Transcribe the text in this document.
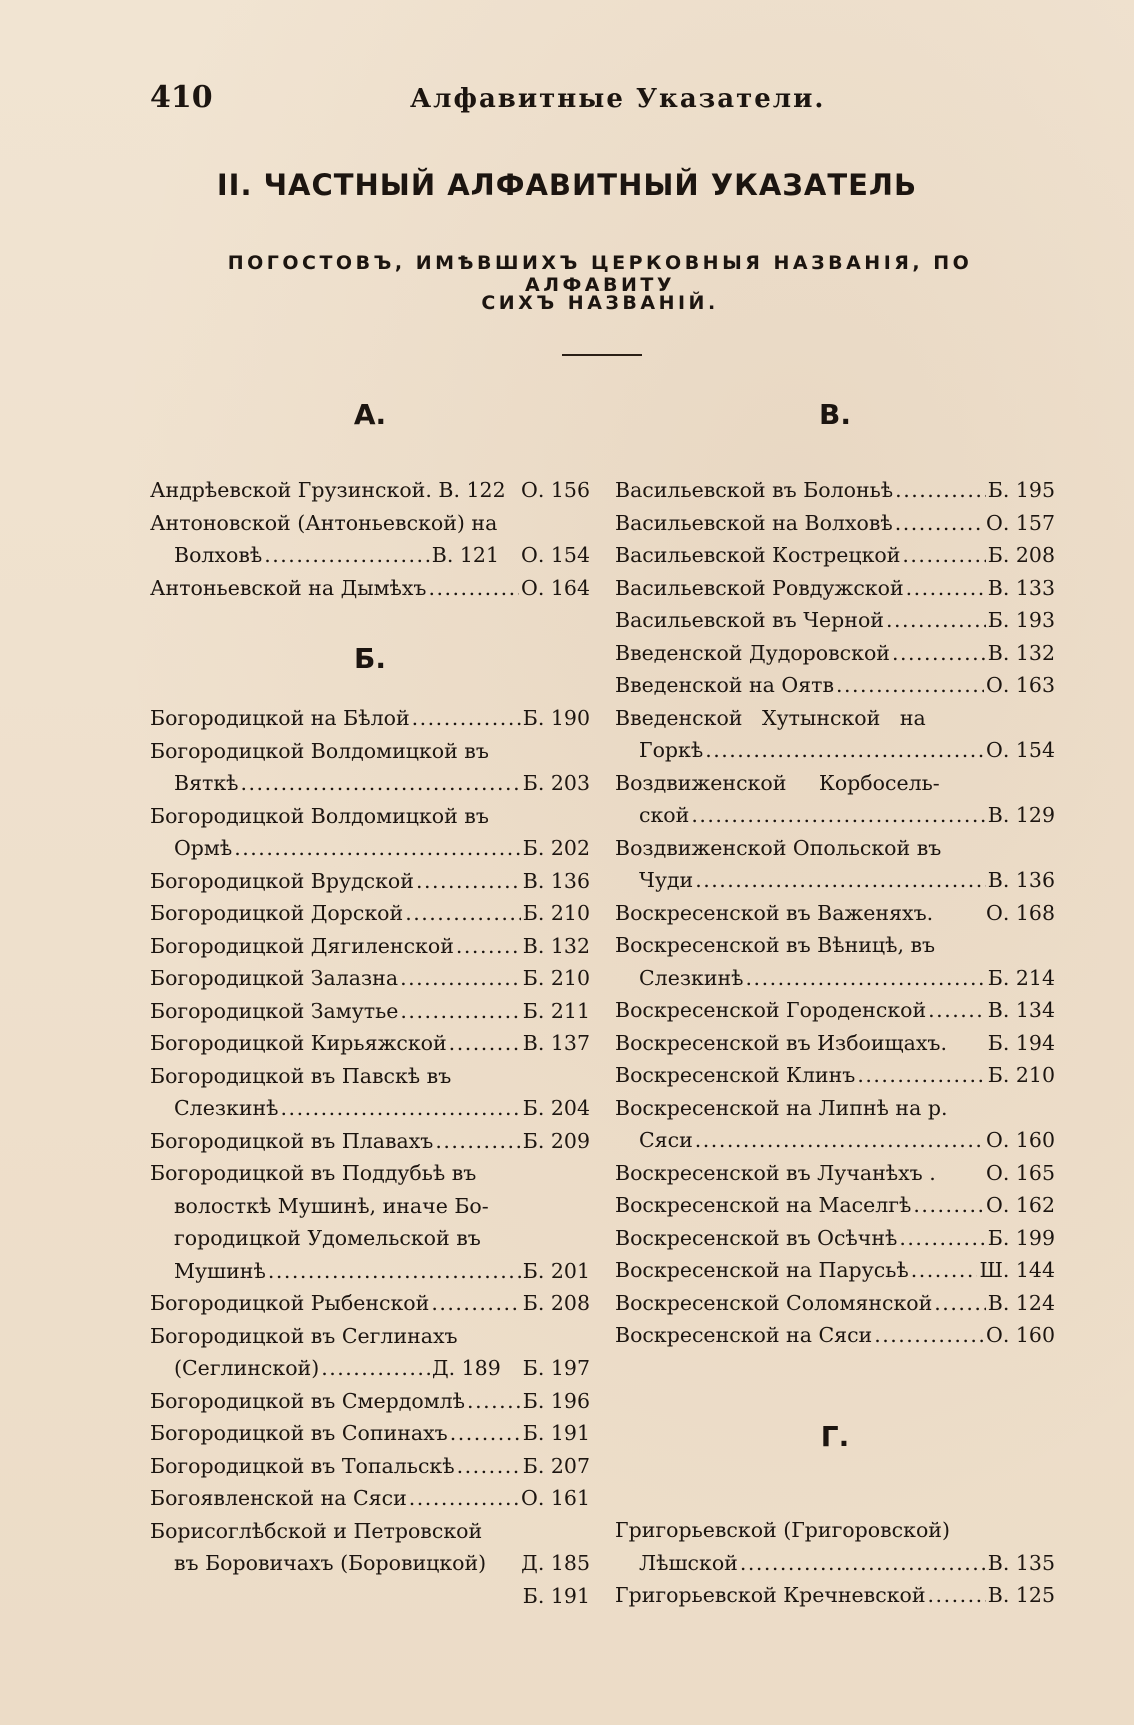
410	Алфавитные Указатели.
II. ЧАСТНЫЙ АЛФАВИТНЫЙ УКАЗАТЕЛЬ
ПОГОСТОВЪ, ИМѢВШИХЪ ЦЕРКОВНЫЯ НАЗВАНІЯ, ПО АЛФАВИТУ
СИХЪ НАЗВАНІЙ.
А.
Андрѣевской Грузинской. В. 122 О. 156
Антоновской (Антоньевской) на
Волховѣ .....	В. 121 О. 154
Антоньевской на Дымѣхъ .....	О. 164
Б.
Богородицкой на Бѣлой .....	Б. 190
Богородицкой Волдомицкой въ
Вяткѣ .....	Б. 203
Богородицкой Волдомицкой въ
Ормѣ .....	Б. 202
Богородицкой Врудской .....	В. 136
Богородицкой Дорской .....	Б. 210
Богородицкой Дягиленской .....	В. 132
Богородицкой Залазна .....	Б. 210
Богородицкой Замутье .....	Б. 211
Богородицкой Кирьяжской .....	В. 137
Богородицкой въ Павскѣ въ
Слезкинѣ .....	Б. 204
Богородицкой въ Плавахъ .....	Б. 209
Богородицкой въ Поддубьѣ въ
волосткѣ Мушинѣ, иначе Бо-
городицкой Удомельской въ
Мушинѣ .....	Б. 201
Богородицкой Рыбенской .....	Б. 208
Богородицкой въ Сеглинахъ
(Сеглинской) .....	Д. 189 Б. 197
Богородицкой въ Смердомлѣ .....	Б. 196
Богородицкой въ Сопинахъ .....	Б. 191
Богородицкой въ Топальскѣ .....	Б. 207
Богоявленской на Сяси .....	О. 161
Борисоглѣбской и Петровской
въ Боровичахъ (Боровицкой) Д. 185
Б. 191
В.
Васильевской въ Болоньѣ .....	Б. 195
Васильевской на Волховѣ .....	О. 157
Васильевской Кострецкой .....	Б. 208
Васильевской Ровдужской .....	В. 133
Васильевской въ Черной .....	Б. 193
Введенской Дудоровской .....	В. 132
Введенской на Оятв .....	О. 163
Введенской   Хутынской   на
Горкѣ .....	О. 154
Воздвиженской     Корбосель-
ской .....	В. 129
Воздвиженской Опольской въ
Чуди .....	В. 136
Воскресенской въ Важеняхъ.	О. 168
Воскресенской въ Вѣницѣ, въ
Слезкинѣ .....	Б. 214
Воскресенской Городенской .....	В. 134
Воскресенской въ Избоищахъ. Б. 194
Воскресенской Клинъ .....	Б. 210
Воскресенской на Липнѣ на р.
Сяси .....	О. 160
Воскресенской въ Лучанѣхъ . О. 165
Воскресенской на Маселгѣ .....	О. 162
Воскресенской въ Осѣчнѣ .....	Б. 199
Воскресенской на Парусьѣ .....	Ш. 144
Воскресенской Соломянской .....	В. 124
Воскресенской на Сяси .....	О. 160
Г.
Григорьевской (Григоровской)
Лѣшской .....	В. 135
Григорьевской Кречневской .....	В. 125
